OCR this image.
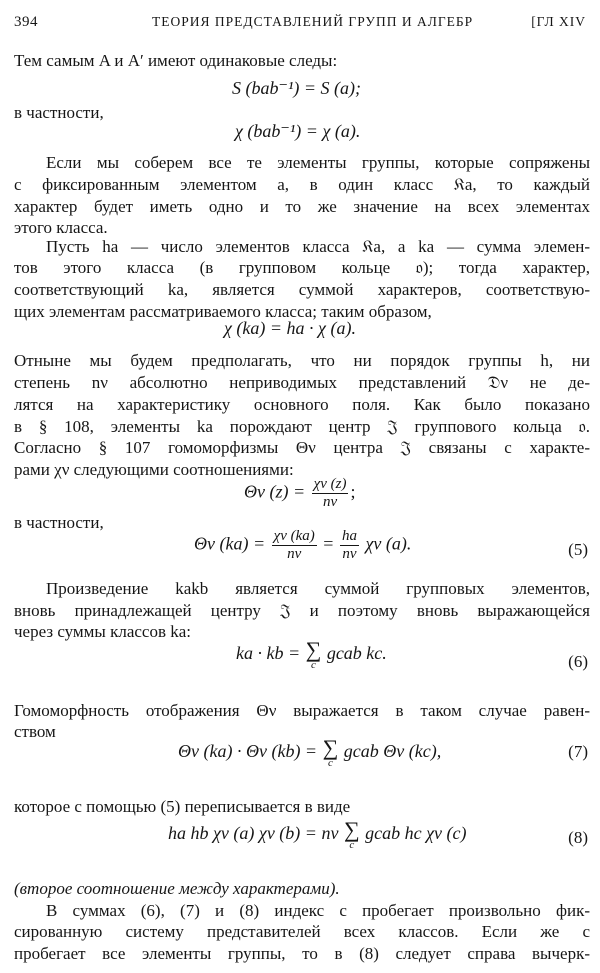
394	ТЕОРИЯ ПРЕДСТАВЛЕНИЙ ГРУПП И АЛГЕБР	[ГЛ XIV
Тем самым A и A′ имеют одинаковые следы:
S (bab⁻¹) = S (a);
в частности,
χ (bab⁻¹) = χ (a).
Если мы соберем все те элементы группы, которые сопряжены
с фиксированным элементом a, в один класс 𝔎a, то каждый
характер будет иметь одно и то же значение на всех элементах
этого класса.
Пусть ha — число элементов класса 𝔎a, а ka — сумма элемен-
тов этого класса (в групповом кольце 𝔬); тогда характер,
соответствующий ka, является суммой характеров, соответствую-
щих элементам рассматриваемого класса; таким образом,
χ (ka) = ha · χ (a).
Отныне мы будем предполагать, что ни порядок группы h, ни
степень nν абсолютно неприводимых представлений 𝔇ν не де-
лятся на характеристику основного поля. Как было показано
в § 108, элементы ka порождают центр 𝔍 группового кольца 𝔬.
Согласно § 107 гомоморфизмы Θν центра 𝔍 связаны с характе-
рами χν следующими соотношениями:
Θν $(z) = \frac{\chi\nu (z)}{n\nu}$ ;
в частности,
Θν $(ka) = \frac{\chi\nu (ka)}{n\nu} = \frac{ha}{n\nu}$ χν (a).	(5)
Произведение kakb является суммой групповых элементов,
вновь принадлежащей центру 𝔍 и поэтому вновь выражающейся
через суммы классов ka:
ka · kb = ∑
c
gcab kc.	(6)
Гомоморфность отображения Θν выражается в таком случае равен-
ством
Θν (ka) · Θν (kb) = ∑
c
gcab Θν (kc),	(7)
которое с помощью (5) переписывается в виде
ha hb χν (a) χν (b) = nν ∑
c
gcab hc χν (c)	(8)
(второе соотношение между характерами).
В суммах (6), (7) и (8) индекс c пробегает произвольно фик-
сированную систему представителей всех классов. Если же c
пробегает все элементы группы, то в (8) следует справа вычерк-
